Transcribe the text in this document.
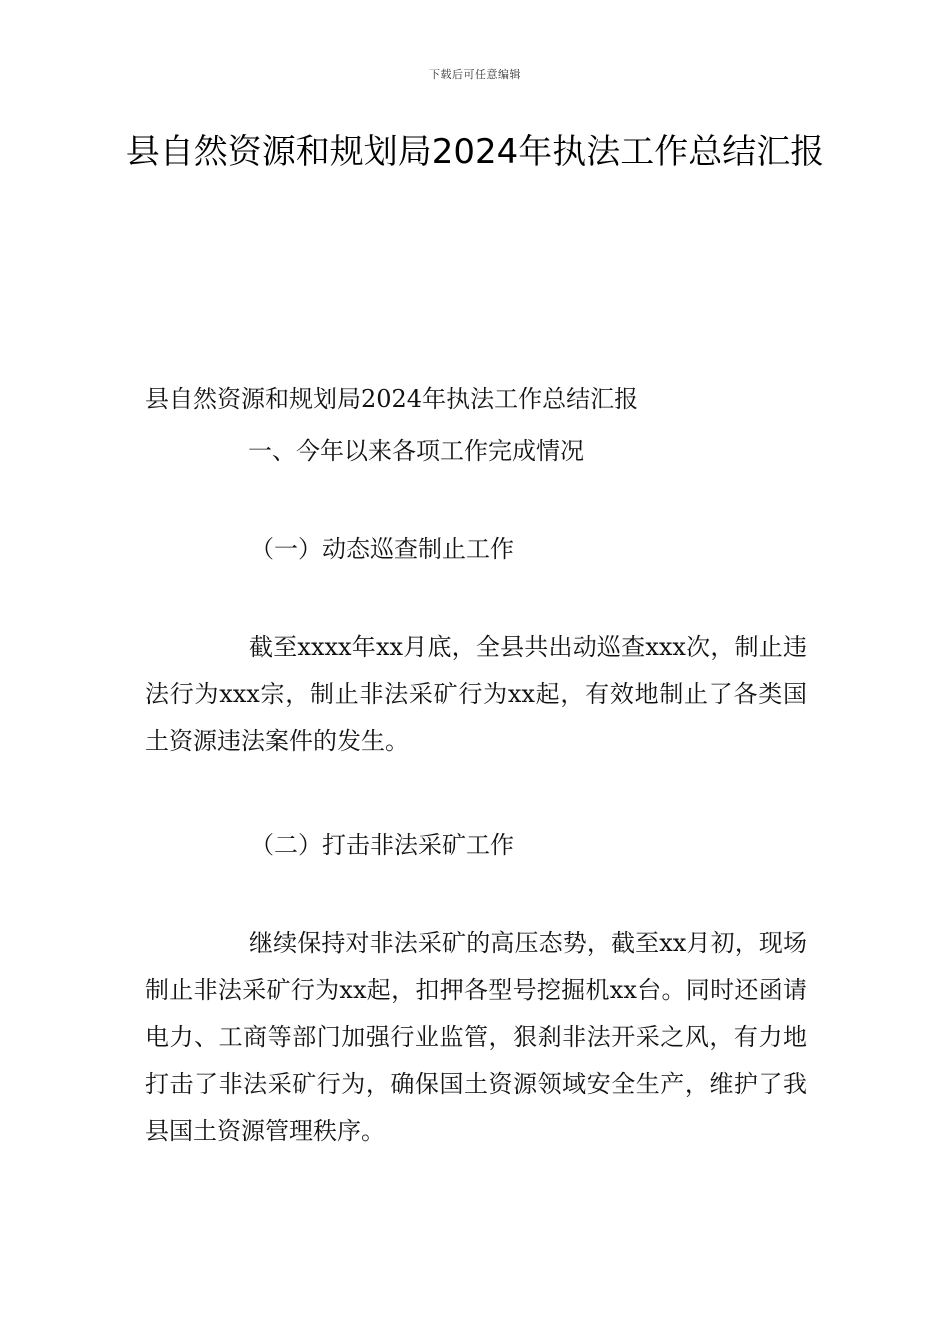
下载后可任意编辑
县自然资源和规划局2024年执法工作总结汇报

县自然资源和规划局2024年执法工作总结汇报

一、今年以来各项工作完成情况

（一）动态巡查制止工作

截至xxxx年xx月底，全县共出动巡查xxx次，制止违法行为xxx宗，制止非法采矿行为xx起，有效地制止了各类国土资源违法案件的发生。

（二）打击非法采矿工作

继续保持对非法采矿的高压态势，截至xx月初，现场制止非法采矿行为xx起，扣押各型号挖掘机xx台。同时还函请电力、工商等部门加强行业监管，狠刹非法开采之风，有力地打击了非法采矿行为，确保国土资源领域安全生产，维护了我县国土资源管理秩序。
